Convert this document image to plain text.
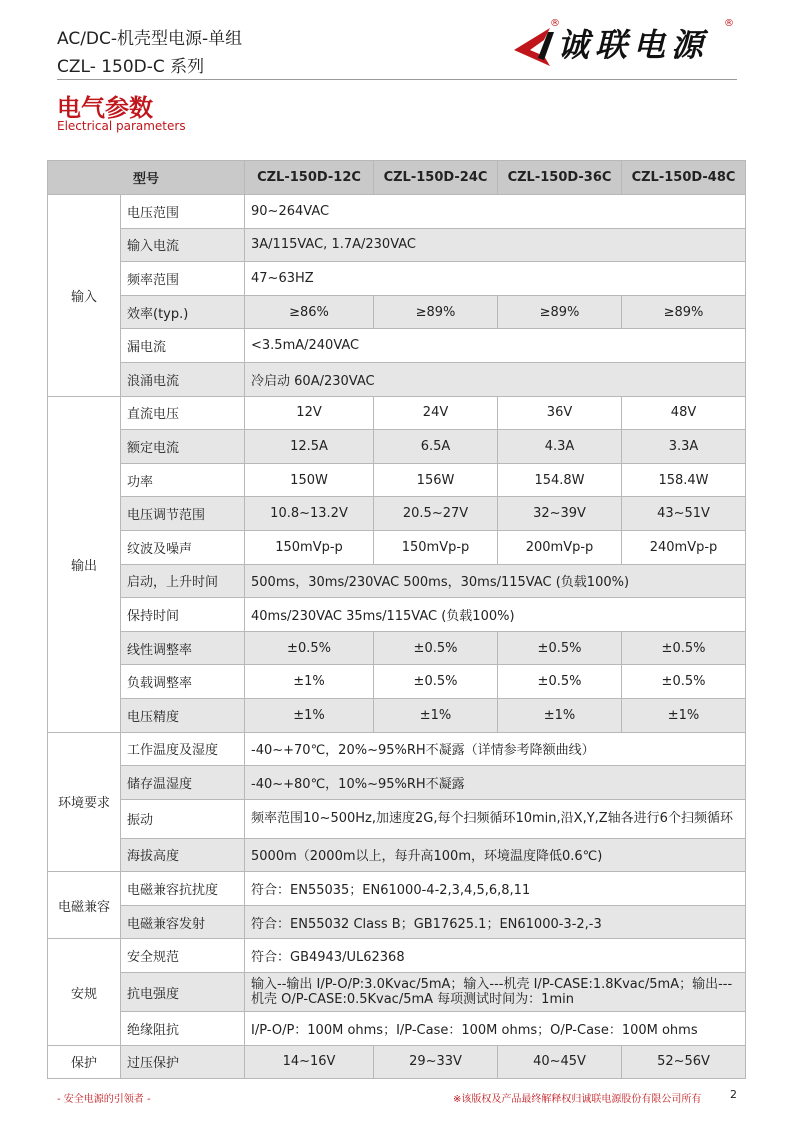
AC/DC-机壳型电源-单组
CZL- 150D-C 系列
®
诚联电源
®
电气参数
Electrical parameters
型号		CZL-150D-12C	CZL-150D-24C	CZL-150D-36C	CZL-150D-48C
输入	电压范围	90~264VAC			
	输入电流	3A/115VAC, 1.7A/230VAC			
	频率范围	47~63HZ			
	效率(typ.)	≥86%	≥89%	≥89%	≥89%
	漏电流	<3.5mA/240VAC			
	浪涌电流	冷启动 60A/230VAC			
输出	直流电压	12V	24V	36V	48V
	额定电流	12.5A	6.5A	4.3A	3.3A
	功率	150W	156W	154.8W	158.4W
	电压调节范围	10.8~13.2V	20.5~27V	32~39V	43~51V
	纹波及噪声	150mVp-p	150mVp-p	200mVp-p	240mVp-p
	启动，上升时间	500ms，30ms/230VAC 500ms，30ms/115VAC (负载100%)			
	保持时间	40ms/230VAC 35ms/115VAC (负载100%)			
	线性调整率	±0.5%	±0.5%	±0.5%	±0.5%
	负载调整率	±1%	±0.5%	±0.5%	±0.5%
	电压精度	±1%	±1%	±1%	±1%
环境要求	工作温度及湿度	-40~+70℃，20%~95%RH不凝露（详情参考降额曲线）			
	储存温湿度	-40~+80℃，10%~95%RH不凝露			
	振动	频率范围10~500Hz,加速度2G,每个扫频循环10min,沿X,Y,Z轴各进行6个扫频循环			
	海拔高度	5000m（2000m以上，每升高100m，环境温度降低0.6℃)			
电磁兼容	电磁兼容抗扰度	符合：EN55035；EN61000-4-2,3,4,5,6,8,11			
	电磁兼容发射	符合：EN55032 Class B；GB17625.1；EN61000-3-2,-3			
安规	安全规范	符合：GB4943/UL62368			
	抗电强度	输入--输出 I/P-O/P:3.0Kvac/5mA；输入---机壳 I/P-CASE:1.8Kvac/5mA；输出---机壳 O/P-CASE:0.5Kvac/5mA 每项测试时间为：1min			
	绝缘阻抗	I/P-O/P：100M ohms；I/P-Case：100M ohms；O/P-Case：100M ohms			
保护	过压保护	14~16V	29~33V	40~45V	52~56V
- 安全电源的引领者 -	※该版权及产品最终解释权归诚联电源股份有限公司所有	2
